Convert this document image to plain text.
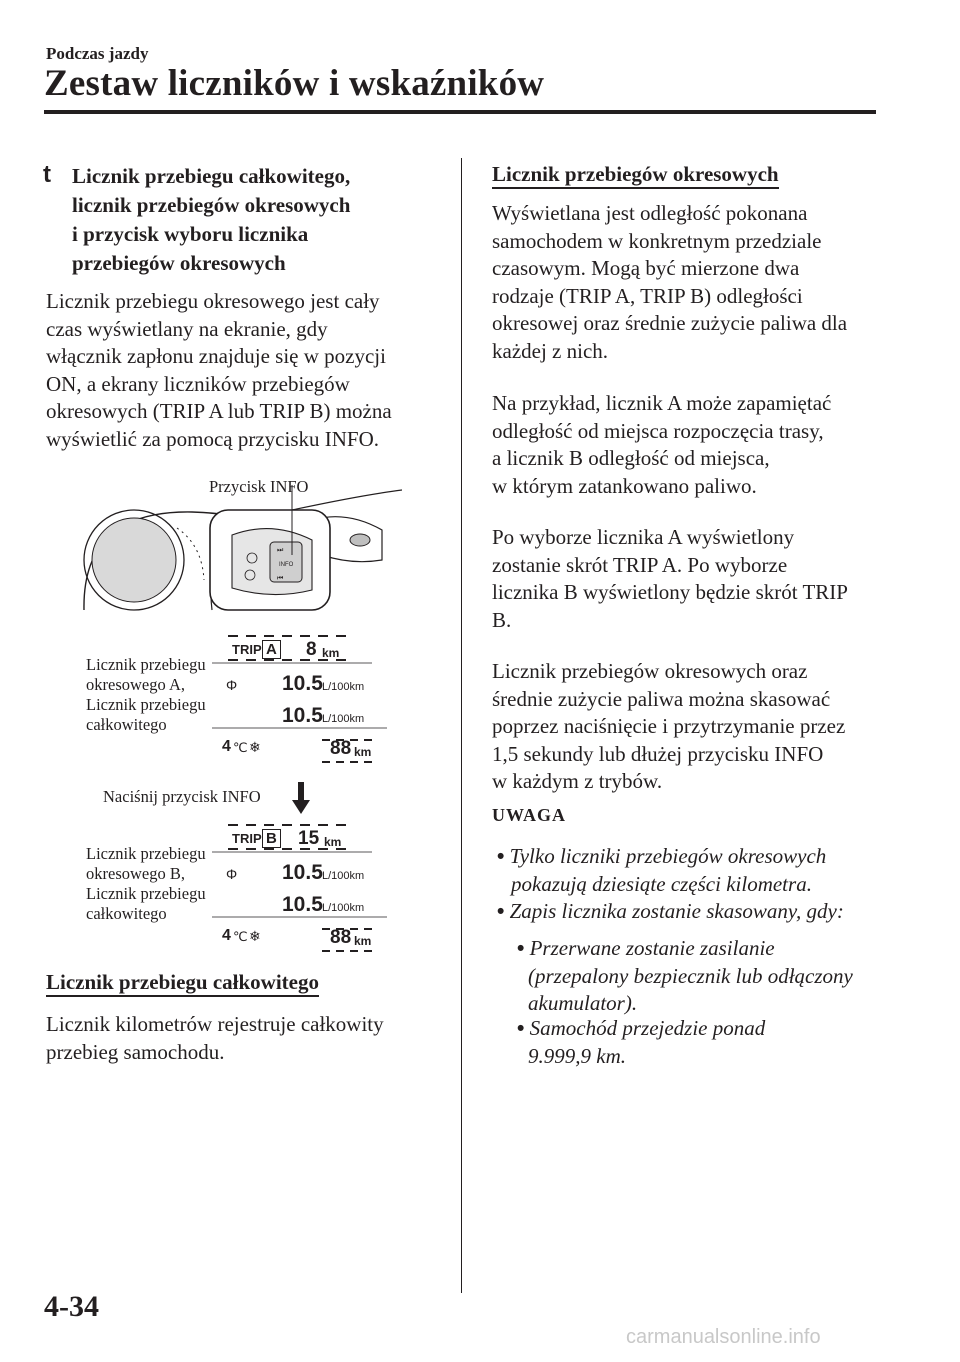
Podczas jazdy
Zestaw liczników i wskaźników
t Licznik przebiegu całkowitego,
licznik przebiegów okresowych
i przycisk wyboru licznika
przebiegów okresowych
Licznik przebiegu okresowego jest cały
czas wyświetlany na ekranie, gdy
włącznik zapłonu znajduje się w pozycji
ON, a ekrany liczników przebiegów
okresowych (TRIP A lub TRIP B) można
wyświetlić za pomocą przycisku INFO.
Przycisk INFO
INFO
⏭
⏮
Licznik przebiegu
okresowego A,
Licznik przebiegu
całkowitego
TRIP A 8 km
Φ 10.5 L/100km
10.5 L/100km
4 ℃ ❄	88 km
Naciśnij przycisk INFO
Licznik przebiegu
okresowego B,
Licznik przebiegu
całkowitego
TRIP B 15 km
Φ 10.5 L/100km
10.5 L/100km
4 ℃ ❄	88 km
Licznik przebiegu całkowitego
Licznik kilometrów rejestruje całkowity
przebieg samochodu.
Licznik przebiegów okresowych
Wyświetlana jest odległość pokonana
samochodem w konkretnym przedziale
czasowym. Mogą być mierzone dwa
rodzaje (TRIP A, TRIP B) odległości
okresowej oraz średnie zużycie paliwa dla
każdej z nich.
Na przykład, licznik A może zapamiętać
odległość od miejsca rozpoczęcia trasy,
a licznik B odległość od miejsca,
w którym zatankowano paliwo.
Po wyborze licznika A wyświetlony
zostanie skrót TRIP A. Po wyborze
licznika B wyświetlony będzie skrót TRIP
B.
Licznik przebiegów okresowych oraz
średnie zużycie paliwa można skasować
poprzez naciśnięcie i przytrzymanie przez
1,5 sekundy lub dłużej przycisku INFO
w każdym z trybów.
UWAGA
• Tylko liczniki przebiegów okresowych
pokazują dziesiąte części kilometra.
• Zapis licznika zostanie skasowany, gdy:
• Przerwane zostanie zasilanie
(przepalony bezpiecznik lub odłączony
akumulator).
• Samochód przejedzie ponad
9.999,9 km.
4-34
carmanualsonline.info
